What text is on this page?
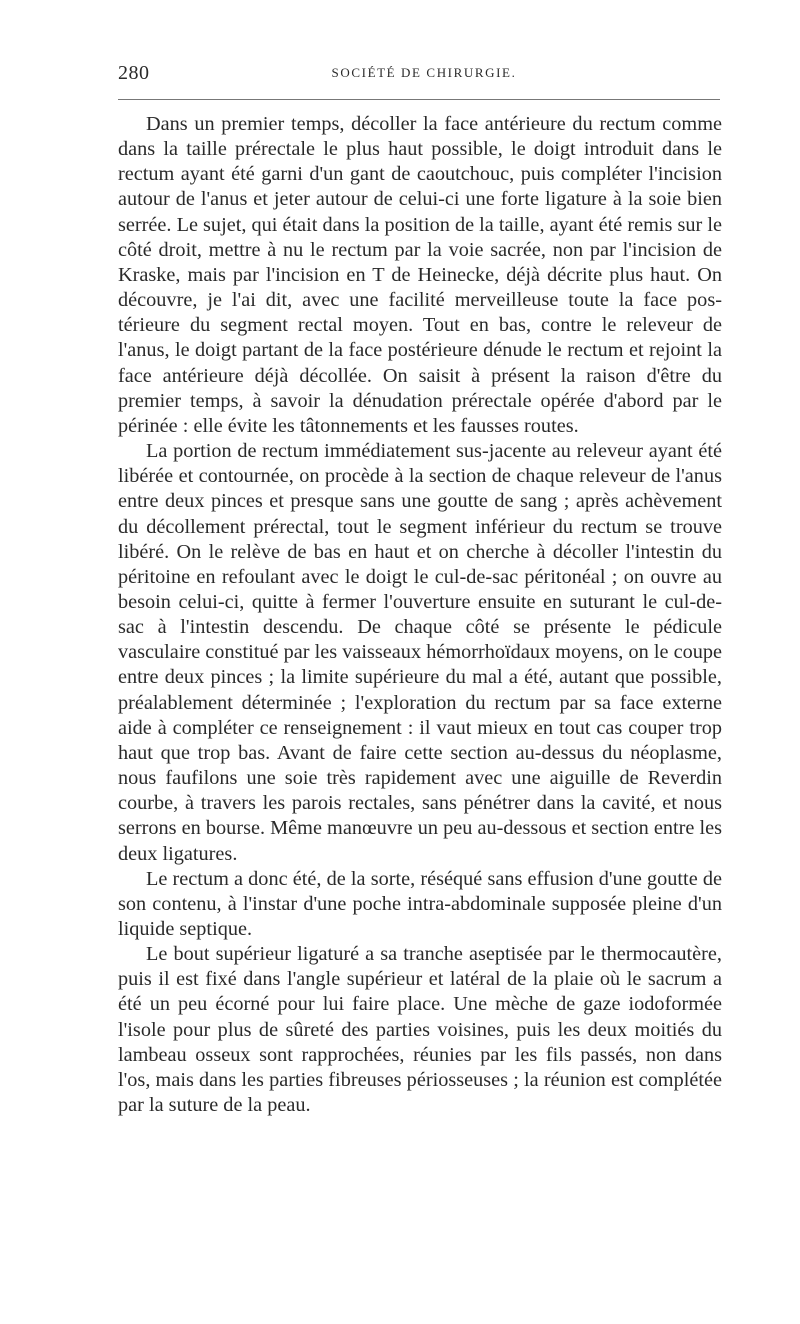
280	SOCIÉTÉ DE CHIRURGIE.

Dans un premier temps, décoller la face antérieure du rectum comme dans la taille prérectale le plus haut possible, le doigt introduit dans le rectum ayant été garni d'un gant de caoutchouc, puis compléter l'incision autour de l'anus et jeter autour de celui-ci une forte ligature à la soie bien serrée. Le sujet, qui était dans la position de la taille, ayant été remis sur le côté droit, mettre à nu le rectum par la voie sacrée, non par l'incision de Kraske, mais par l'incision en T de Heinecke, déjà décrite plus haut. On découvre, je l'ai dit, avec une facilité merveilleuse toute la face postérieure du segment rectal moyen. Tout en bas, contre le releveur de l'anus, le doigt partant de la face postérieure dénude le rectum et rejoint la face antérieure déjà décollée. On saisit à présent la raison d'être du premier temps, à savoir la dénudation prérectale opérée d'abord par le périnée : elle évite les tâtonnements et les fausses routes.

La portion de rectum immédiatement sus-jacente au releveur ayant été libérée et contournée, on procède à la section de chaque releveur de l'anus entre deux pinces et presque sans une goutte de sang ; après achèvement du décollement prérectal, tout le segment inférieur du rectum se trouve libéré. On le relève de bas en haut et on cherche à décoller l'intestin du péritoine en refoulant avec le doigt le cul-de-sac péritonéal ; on ouvre au besoin celui-ci, quitte à fermer l'ouverture ensuite en suturant le cul-de-sac à l'intestin descendu. De chaque côté se présente le pédicule vasculaire constitué par les vaisseaux hémorrhoïdaux moyens, on le coupe entre deux pinces ; la limite supérieure du mal a été, autant que possible, préalablement déterminée ; l'exploration du rectum par sa face externe aide à compléter ce renseignement : il vaut mieux en tout cas couper trop haut que trop bas. Avant de faire cette section au-dessus du néoplasme, nous faufilons une soie très rapidement avec une aiguille de Reverdin courbe, à travers les parois rectales, sans pénétrer dans la cavité, et nous serrons en bourse. Même manœuvre un peu au-dessous et section entre les deux ligatures.

Le rectum a donc été, de la sorte, réséqué sans effusion d'une goutte de son contenu, à l'instar d'une poche intra-abdominale supposée pleine d'un liquide septique.

Le bout supérieur ligaturé a sa tranche aseptisée par le thermocautère, puis il est fixé dans l'angle supérieur et latéral de la plaie où le sacrum a été un peu écorné pour lui faire place. Une mèche de gaze iodoformée l'isole pour plus de sûreté des parties voisines, puis les deux moitiés du lambeau osseux sont rapprochées, réunies par les fils passés, non dans l'os, mais dans les parties fibreuses périosseuses ; la réunion est complétée par la suture de la peau.
